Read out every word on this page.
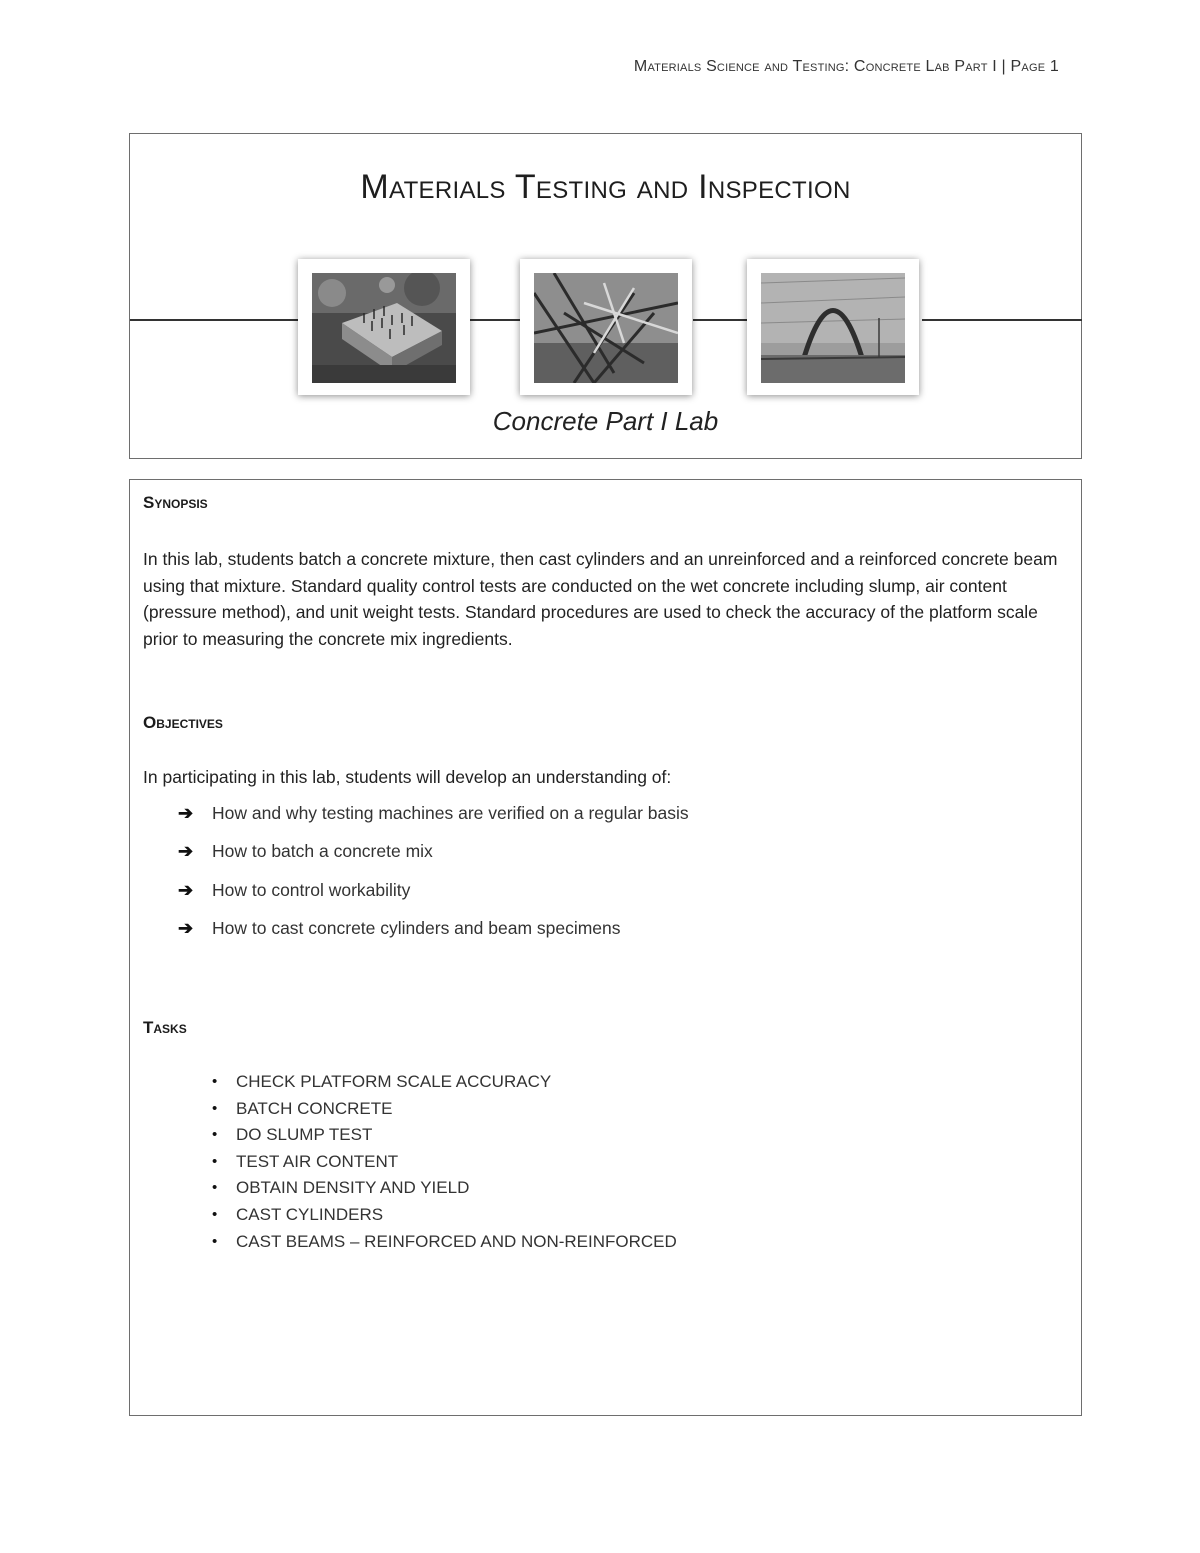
Materials Science and Testing: Concrete Lab Part I | Page 1
Materials Testing and Inspection
Concrete Part I Lab
Synopsis
In this lab, students batch a concrete mixture, then cast cylinders and an unreinforced and a reinforced concrete beam using that mixture. Standard quality control tests are conducted on the wet concrete including slump, air content (pressure method), and unit weight tests. Standard procedures are used to check the accuracy of the platform scale prior to measuring the concrete mix ingredients.
Objectives
In participating in this lab, students will develop an understanding of:
➔	How and why testing machines are verified on a regular basis
➔	How to batch a concrete mix
➔	How to control workability
➔	How to cast concrete cylinders and beam specimens
Tasks
•	CHECK PLATFORM SCALE ACCURACY
•	BATCH CONCRETE
•	DO SLUMP TEST
•	TEST AIR CONTENT
•	OBTAIN DENSITY AND YIELD
•	CAST CYLINDERS
•	CAST BEAMS – REINFORCED AND NON-REINFORCED
